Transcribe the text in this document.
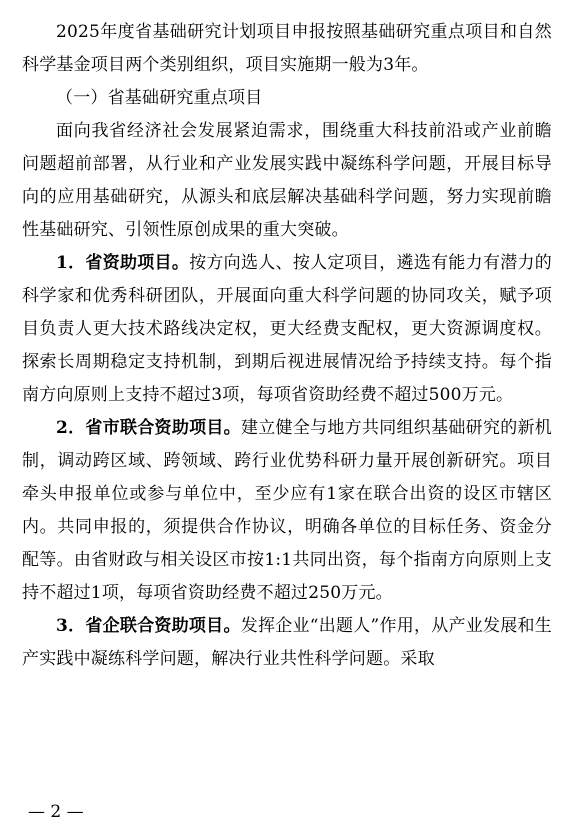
2025年度省基础研究计划项目申报按照基础研究重点项目和自然科学基金项目两个类别组织，项目实施期一般为3年。

（一）省基础研究重点项目

面向我省经济社会发展紧迫需求，围绕重大科技前沿或产业前瞻问题超前部署，从行业和产业发展实践中凝练科学问题，开展目标导向的应用基础研究，从源头和底层解决基础科学问题，努力实现前瞻性基础研究、引领性原创成果的重大突破。

1．省资助项目。按方向选人、按人定项目，遴选有能力有潜力的科学家和优秀科研团队，开展面向重大科学问题的协同攻关，赋予项目负责人更大技术路线决定权，更大经费支配权，更大资源调度权。探索长周期稳定支持机制，到期后视进展情况给予持续支持。每个指南方向原则上支持不超过3项，每项省资助经费不超过500万元。

2．省市联合资助项目。建立健全与地方共同组织基础研究的新机制，调动跨区域、跨领域、跨行业优势科研力量开展创新研究。项目牵头申报单位或参与单位中，至少应有1家在联合出资的设区市辖区内。共同申报的，须提供合作协议，明确各单位的目标任务、资金分配等。由省财政与相关设区市按1:1共同出资，每个指南方向原则上支持不超过1项，每项省资助经费不超过250万元。

3．省企联合资助项目。发挥企业“出题人”作用，从产业发展和生产实践中凝练科学问题，解决行业共性科学问题。采取

— 2 —
